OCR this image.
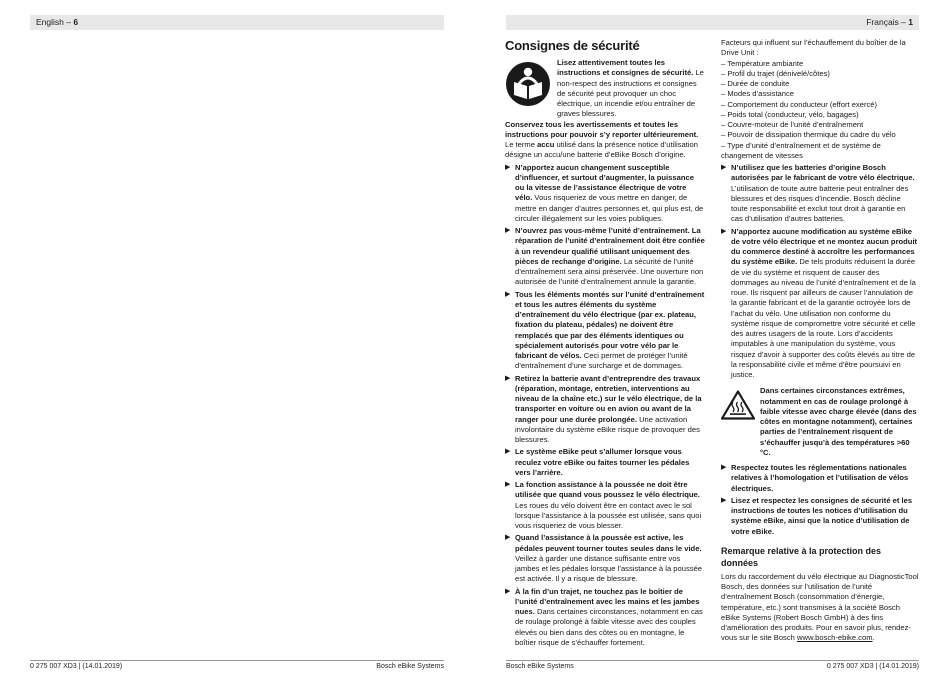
English – 6
0 275 007 XD3 | (14.01.2019)	Bosch eBike Systems
Français – 1
Bosch eBike Systems	0 275 007 XD3 | (14.01.2019)
Consignes de sécurité

Lisez attentivement toutes les instructions et consignes de sécurité. Le non-respect des instructions et consignes de sécurité peut provoquer un choc électrique, un incendie et/ou entraîner de graves blessures.

Conservez tous les avertissements et toutes les instructions pour pouvoir s’y reporter ultérieurement.

Le terme accu utilisé dans la présence notice d’utilisation désigne un accu/une batterie d’eBike Bosch d’origine.

▶ N’apportez aucun changement susceptible d’influencer, et surtout d’augmenter, la puissance ou la vitesse de l’assistance électrique de votre vélo. Vous risqueriez de vous mettre en danger, de mettre en danger d’autres personnes et, qui plus est, de circuler illégalement sur les voies publiques.
▶ N’ouvrez pas vous-même l’unité d’entraînement. La réparation de l’unité d’entraînement doit être confiée à un revendeur qualifié utilisant uniquement des pièces de rechange d’origine. La sécurité de l’unité d’entraînement sera ainsi préservée. Une ouverture non autorisée de l’unité d’entraînement annule la garantie.
▶ Tous les éléments montés sur l’unité d’entraînement et tous les autres éléments du système d’entraînement du vélo électrique (par ex. plateau, fixation du plateau, pédales) ne doivent être remplacés que par des éléments identiques ou spécialement autorisés pour votre vélo par le fabricant de vélos. Ceci permet de protéger l’unité d’entraînement d’une surcharge et de dommages.
▶ Retirez la batterie avant d’entreprendre des travaux (réparation, montage, entretien, interventions au niveau de la chaîne etc.) sur le vélo électrique, de la transporter en voiture ou en avion ou avant de la ranger pour une durée prolongée. Une activation involontaire du système eBike risque de provoquer des blessures.
▶ Le système eBike peut s’allumer lorsque vous reculez votre eBike ou faites tourner les pédales vers l’arrière.
▶ La fonction assistance à la poussée ne doit être utilisée que quand vous poussez le vélo électrique. Les roues du vélo doivent être en contact avec le sol lorsque l’assistance à la poussée est utilisée, sans quoi vous risqueriez de vous blesser.
▶ Quand l’assistance à la poussée est active, les pédales peuvent tourner toutes seules dans le vide. Veillez à garder une distance suffisante entre vos jambes et les pédales lorsque l’assistance à la poussée est activée. Il y a risque de blessure.
▶ À la fin d’un trajet, ne touchez pas le boîtier de l’unité d’entraînement avec les mains et les jambes nues. Dans certaines circonstances, notamment en cas de roulage prolongé à faible vitesse avec des couples élevés ou bien dans des côtes ou en montagne, le boîtier risque de s’échauffer fortement.

Facteurs qui influent sur l’échauffement du boîtier de la Drive Unit :

– Température ambiante

– Profil du trajet (dénivelé/côtes)

– Durée de conduite

– Modes d’assistance

– Comportement du conducteur (effort exercé)

– Poids total (conducteur, vélo, bagages)

– Couvre-moteur de l’unité d’entraînement

– Pouvoir de dissipation thermique du cadre du vélo

– Type d’unité d’entraînement et de système de changement de vitesses

▶ N’utilisez que les batteries d’origine Bosch autorisées par le fabricant de votre vélo électrique. L’utilisation de toute autre batterie peut entraîner des blessures et des risques d’incendie. Bosch décline toute responsabilité et exclut tout droit à garantie en cas d’utilisation d’autres batteries.
▶ N’apportez aucune modification au système eBike de votre vélo électrique et ne montez aucun produit du commerce destiné à accroître les performances du système eBike. De tels produits réduisent la durée de vie du système et risquent de causer des dommages au niveau de l’unité d’entraînement et de la roue. Ils risquent par ailleurs de causer l’annulation de la garantie fabricant et de la garantie octroyée lors de l’achat du vélo. Une utilisation non conforme du système risque de compromettre votre sécurité et celle des autres usagers de la route. Lors d’accidents imputables à une manipulation du système, vous risquez d’avoir à supporter des coûts élevés au titre de la responsabilité civile et même d’être poursuivi en justice.

Dans certaines circonstances extrêmes, notamment en cas de roulage prolongé à faible vitesse avec charge élevée (dans des côtes en montagne notamment), certaines parties de l’entraînement risquent de s’échauffer jusqu’à des températures >60 °C.

▶ Respectez toutes les réglementations nationales relatives à l’homologation et l’utilisation de vélos électriques.
▶ Lisez et respectez les consignes de sécurité et les instructions de toutes les notices d’utilisation du système eBike, ainsi que la notice d’utilisation de votre eBike.
Remarque relative à la protection des données

Lors du raccordement du vélo électrique au DiagnosticTool Bosch, des données sur l’utilisation de l’unité d’entraînement Bosch (consommation d’énergie, température, etc.) sont transmises à la société Bosch eBike Systems (Robert Bosch GmbH) à des fins d’amélioration des produits. Pour en savoir plus, rendez-vous sur le site Bosch www.bosch-ebike.com.
